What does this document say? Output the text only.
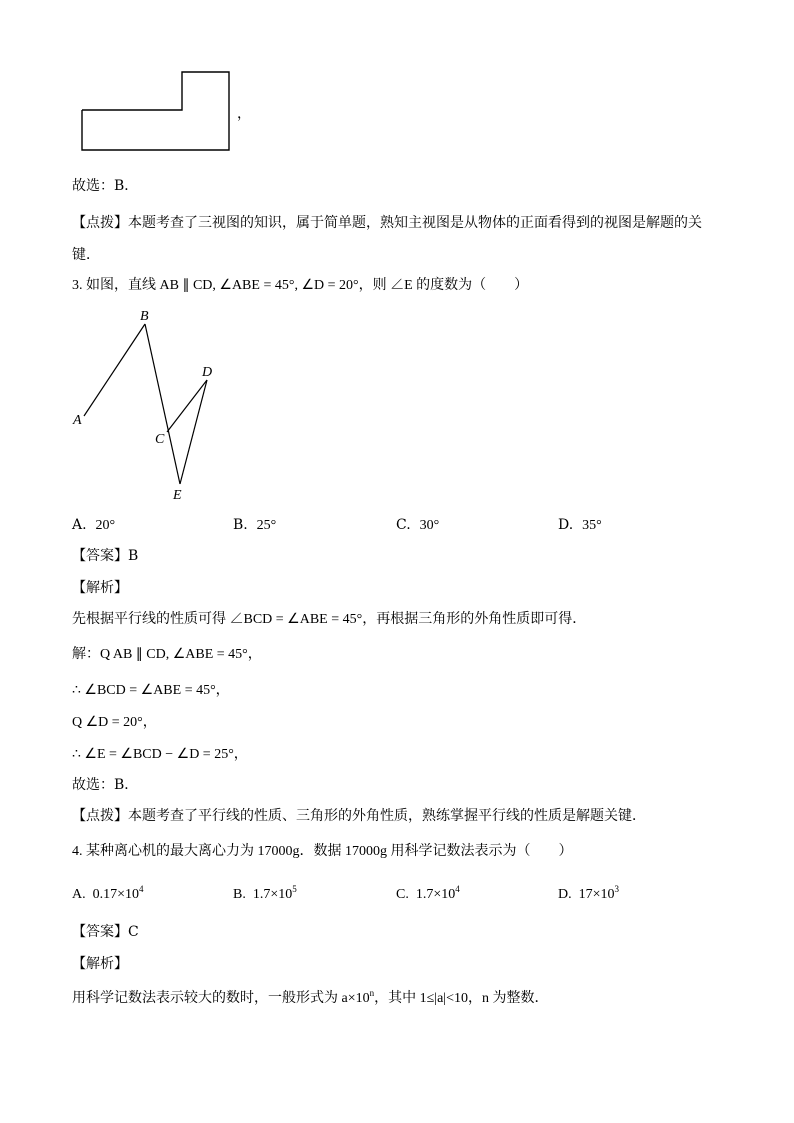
，
故选：B．
【点拨】本题考查了三视图的知识，属于简单题，熟知主视图是从物体的正面看得到的视图是解题的关
键．
3. 如图，直线 AB ∥ CD, ∠ABE = 45°, ∠D = 20°，则 ∠E 的度数为（　　）
A
B
C
D
E
A. 20°	B. 25°	C. 30°	D. 35°
【答案】B
【解析】
先根据平行线的性质可得 ∠BCD = ∠ABE = 45°，再根据三角形的外角性质即可得．
解：Q AB ∥ CD, ∠ABE = 45°，
∴ ∠BCD = ∠ABE = 45°，
Q ∠D = 20°，
∴ ∠E = ∠BCD − ∠D = 25°，
故选：B．
【点拨】本题考查了平行线的性质、三角形的外角性质，熟练掌握平行线的性质是解题关键．
4. 某种离心机的最大离心力为 17000g．数据 17000g 用科学记数法表示为（　　）
A. $0.17\times 10^4$	B. $1.7\times 10^5$	C. $1.7\times 10^4$	D. $17\times 10^3$
【答案】C
【解析】
用科学记数法表示较大的数时，一般形式为 $a\times 10^n$，其中 1≤|a|<10，n 为整数．
